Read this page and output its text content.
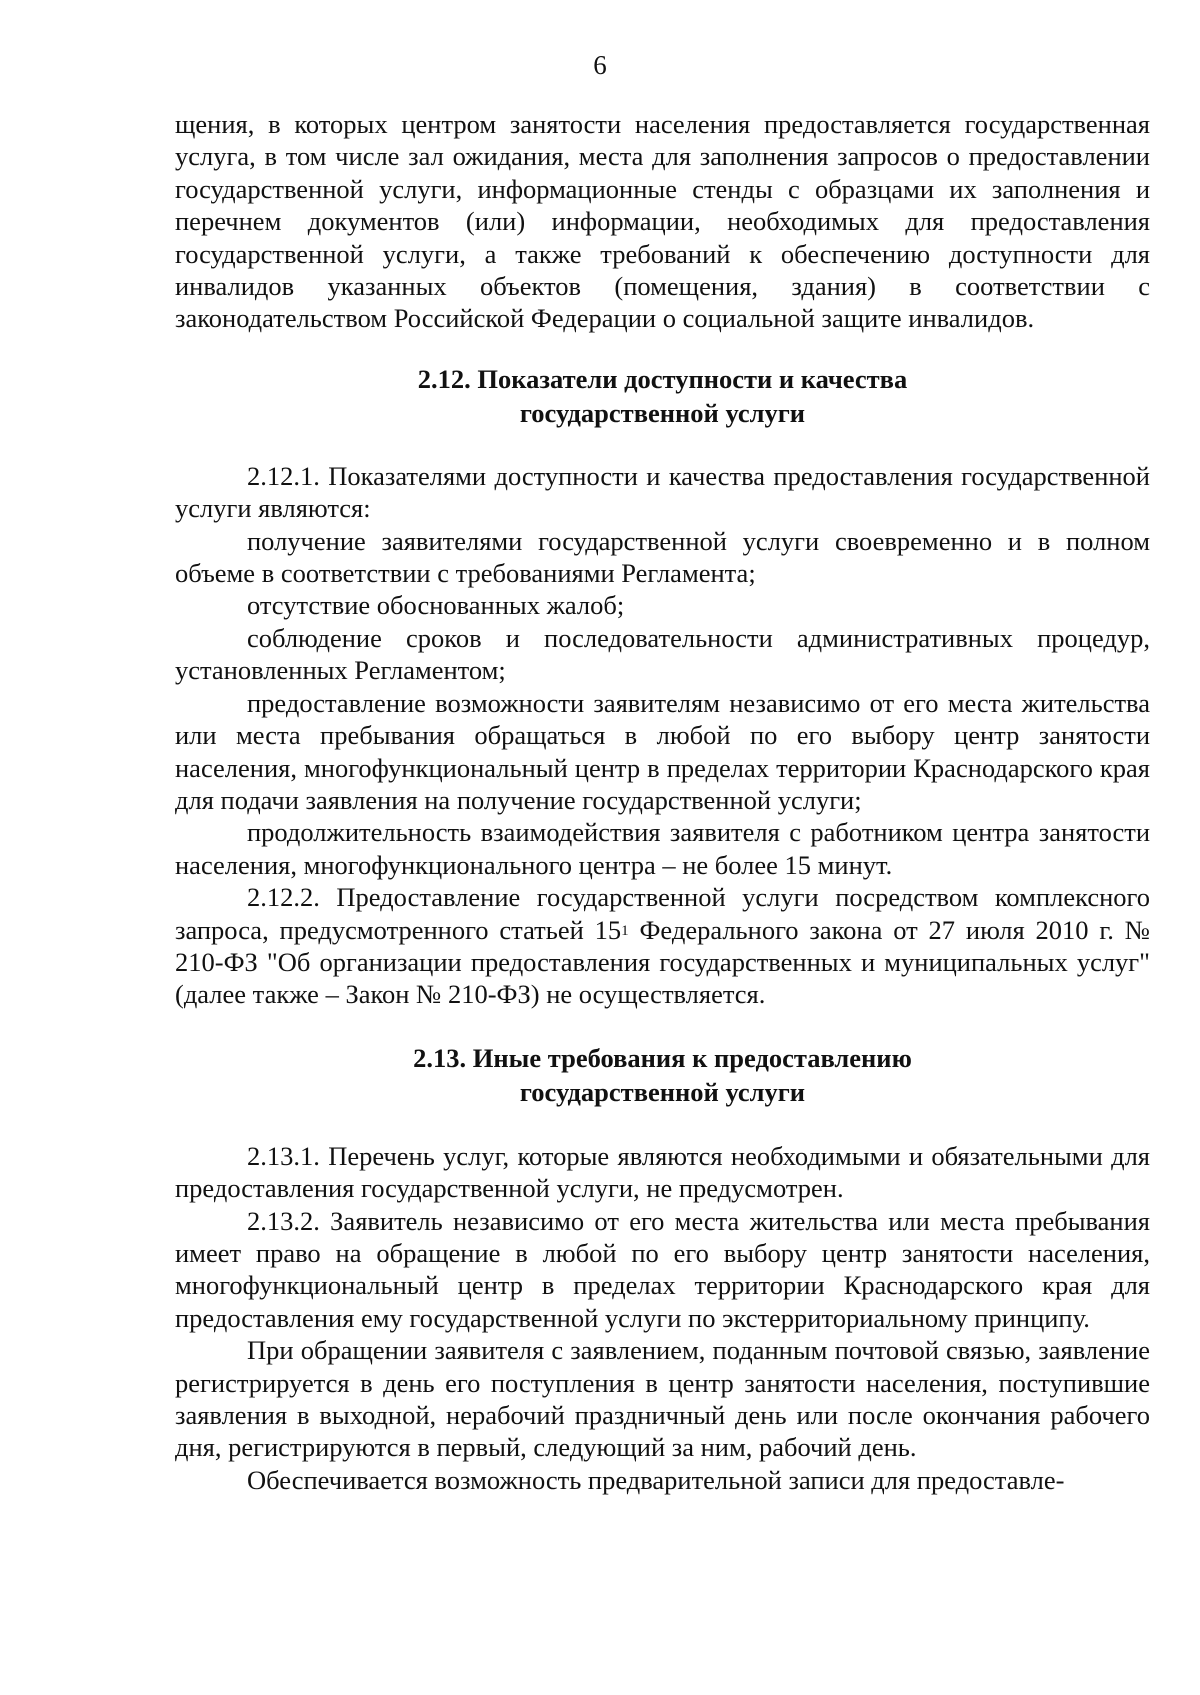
6

щения, в которых центром занятости населения предоставляется государственная услуга, в том числе зал ожидания, места для заполнения запросов о предоставлении государственной услуги, информационные стенды с образцами их заполнения и перечнем документов (или) информации, необходимых для предоставления государственной услуги, а также требований к обеспечению доступности для инвалидов указанных объектов (помещения, здания) в соответствии с законодательством Российской Федерации о социальной защите инвалидов.

2.12. Показатели доступности и качества
государственной услуги

2.12.1. Показателями доступности и качества предоставления государственной услуги являются:

получение заявителями государственной услуги своевременно и в полном объеме в соответствии с требованиями Регламента;

отсутствие обоснованных жалоб;

соблюдение сроков и последовательности административных процедур, установленных Регламентом;

предоставление возможности заявителям независимо от его места жительства или места пребывания обращаться в любой по его выбору центр занятости населения, многофункциональный центр в пределах территории Краснодарского края для подачи заявления на получение государственной услуги;

продолжительность взаимодействия заявителя с работником центра занятости населения, многофункционального центра – не более 15 минут.

2.12.2. Предоставление государственной услуги посредством комплексного запроса, предусмотренного статьей $15^1$ Федерального закона от 27 июля 2010 г. № 210-ФЗ "Об организации предоставления государственных и муниципальных услуг" (далее также – Закон № 210-ФЗ) не осуществляется.

2.13. Иные требования к предоставлению
государственной услуги

2.13.1. Перечень услуг, которые являются необходимыми и обязательными для предоставления государственной услуги, не предусмотрен.

2.13.2. Заявитель независимо от его места жительства или места пребывания имеет право на обращение в любой по его выбору центр занятости населения, многофункциональный центр в пределах территории Краснодарского края для предоставления ему государственной услуги по экстерриториальному принципу.

При обращении заявителя с заявлением, поданным почтовой связью, заявление регистрируется в день его поступления в центр занятости населения, поступившие заявления в выходной, нерабочий праздничный день или после окончания рабочего дня, регистрируются в первый, следующий за ним, рабочий день.

Обеспечивается возможность предварительной записи для предоставле-
